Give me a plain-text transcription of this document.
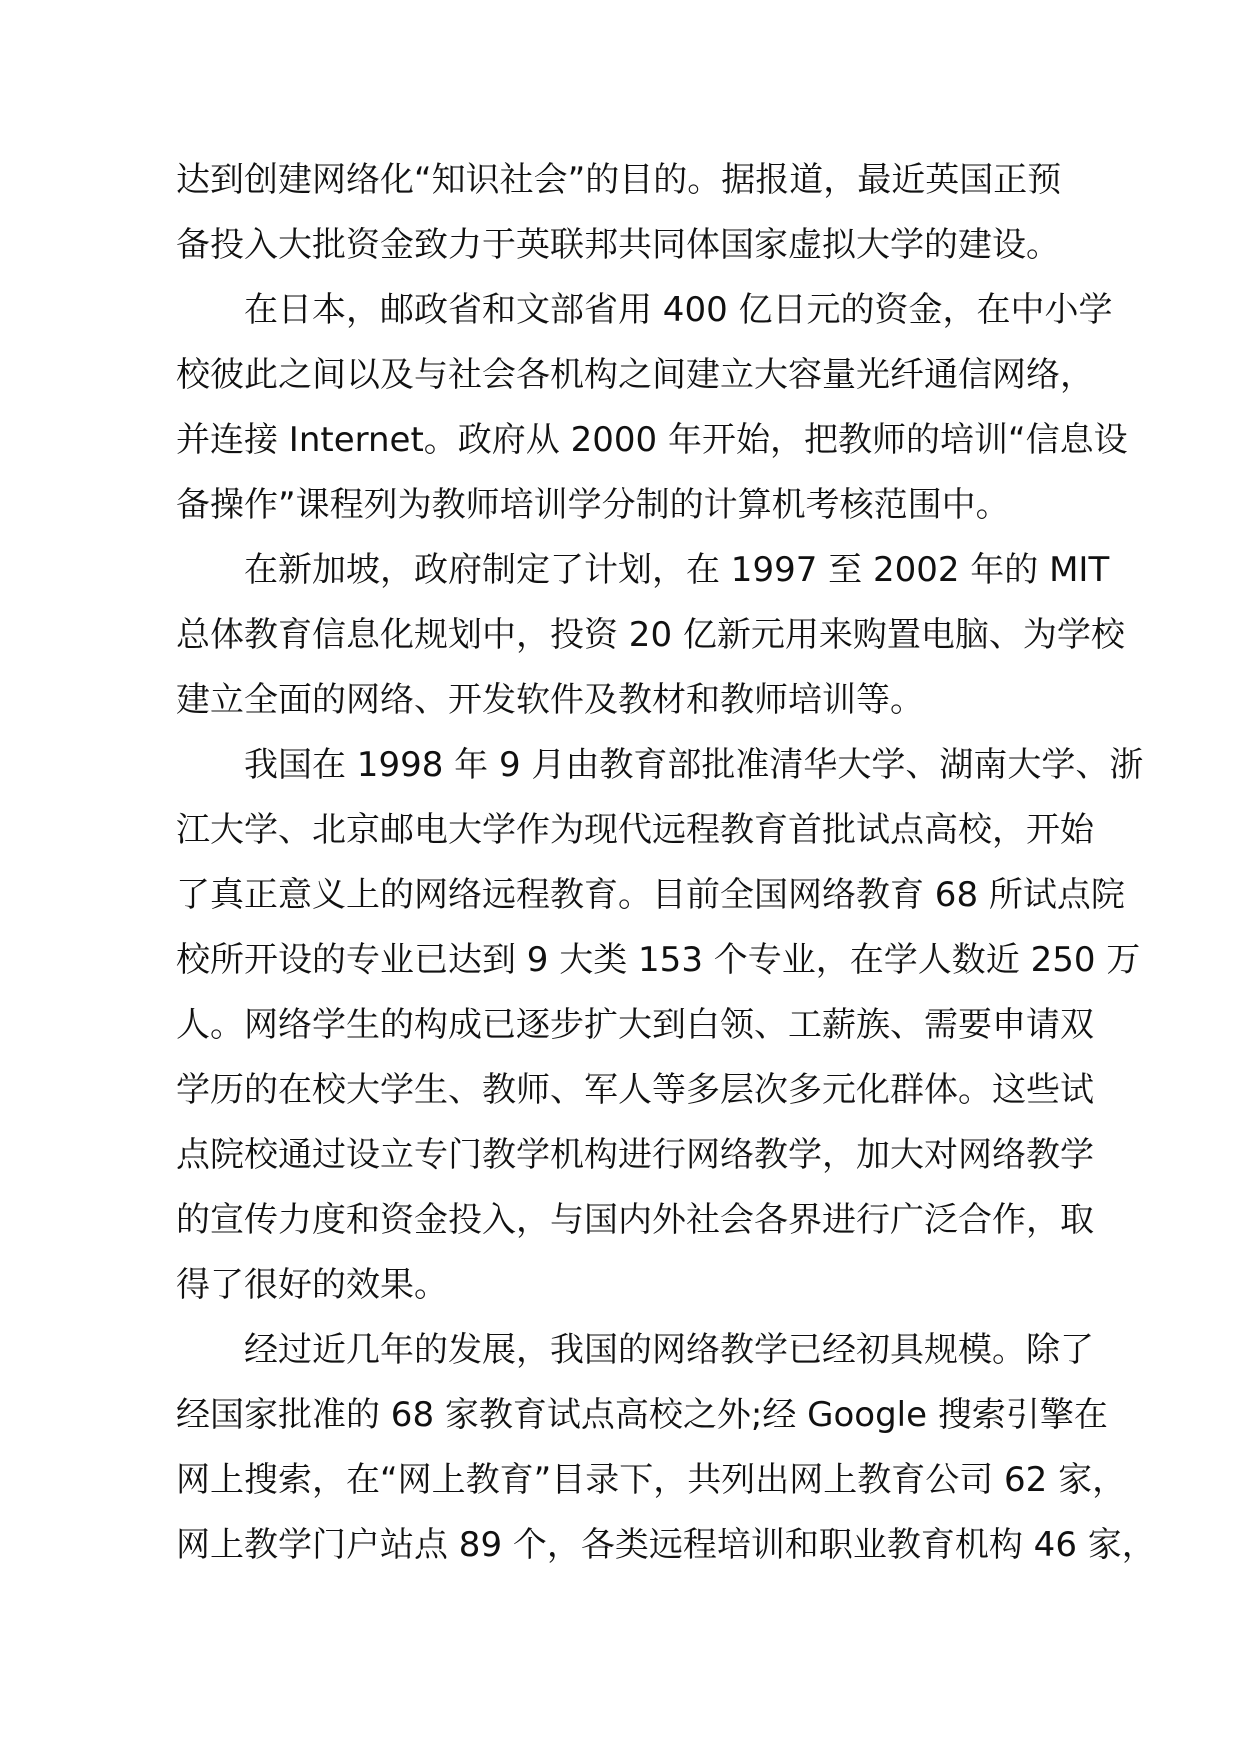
达到创建网络化“知识社会”的目的。据报道，最近英国正预
备投入大批资金致力于英联邦共同体国家虚拟大学的建设。
在日本，邮政省和文部省用 400 亿日元的资金，在中小学
校彼此之间以及与社会各机构之间建立大容量光纤通信网络，
并连接 Internet。政府从 2000 年开始，把教师的培训“信息设
备操作”课程列为教师培训学分制的计算机考核范围中。
在新加坡，政府制定了计划，在 1997 至 2002 年的 MIT
总体教育信息化规划中，投资 20 亿新元用来购置电脑、为学校
建立全面的网络、开发软件及教材和教师培训等。
我国在 1998 年 9 月由教育部批准清华大学、湖南大学、浙
江大学、北京邮电大学作为现代远程教育首批试点高校，开始
了真正意义上的网络远程教育。目前全国网络教育 68 所试点院
校所开设的专业已达到 9 大类 153 个专业，在学人数近 250 万
人。网络学生的构成已逐步扩大到白领、工薪族、需要申请双
学历的在校大学生、教师、军人等多层次多元化群体。这些试
点院校通过设立专门教学机构进行网络教学，加大对网络教学
的宣传力度和资金投入，与国内外社会各界进行广泛合作，取
得了很好的效果。
经过近几年的发展，我国的网络教学已经初具规模。除了
经国家批准的 68 家教育试点高校之外;经 Google 搜索引擎在
网上搜索，在“网上教育”目录下，共列出网上教育公司 62 家，
网上教学门户站点 89 个，各类远程培训和职业教育机构 46 家，
